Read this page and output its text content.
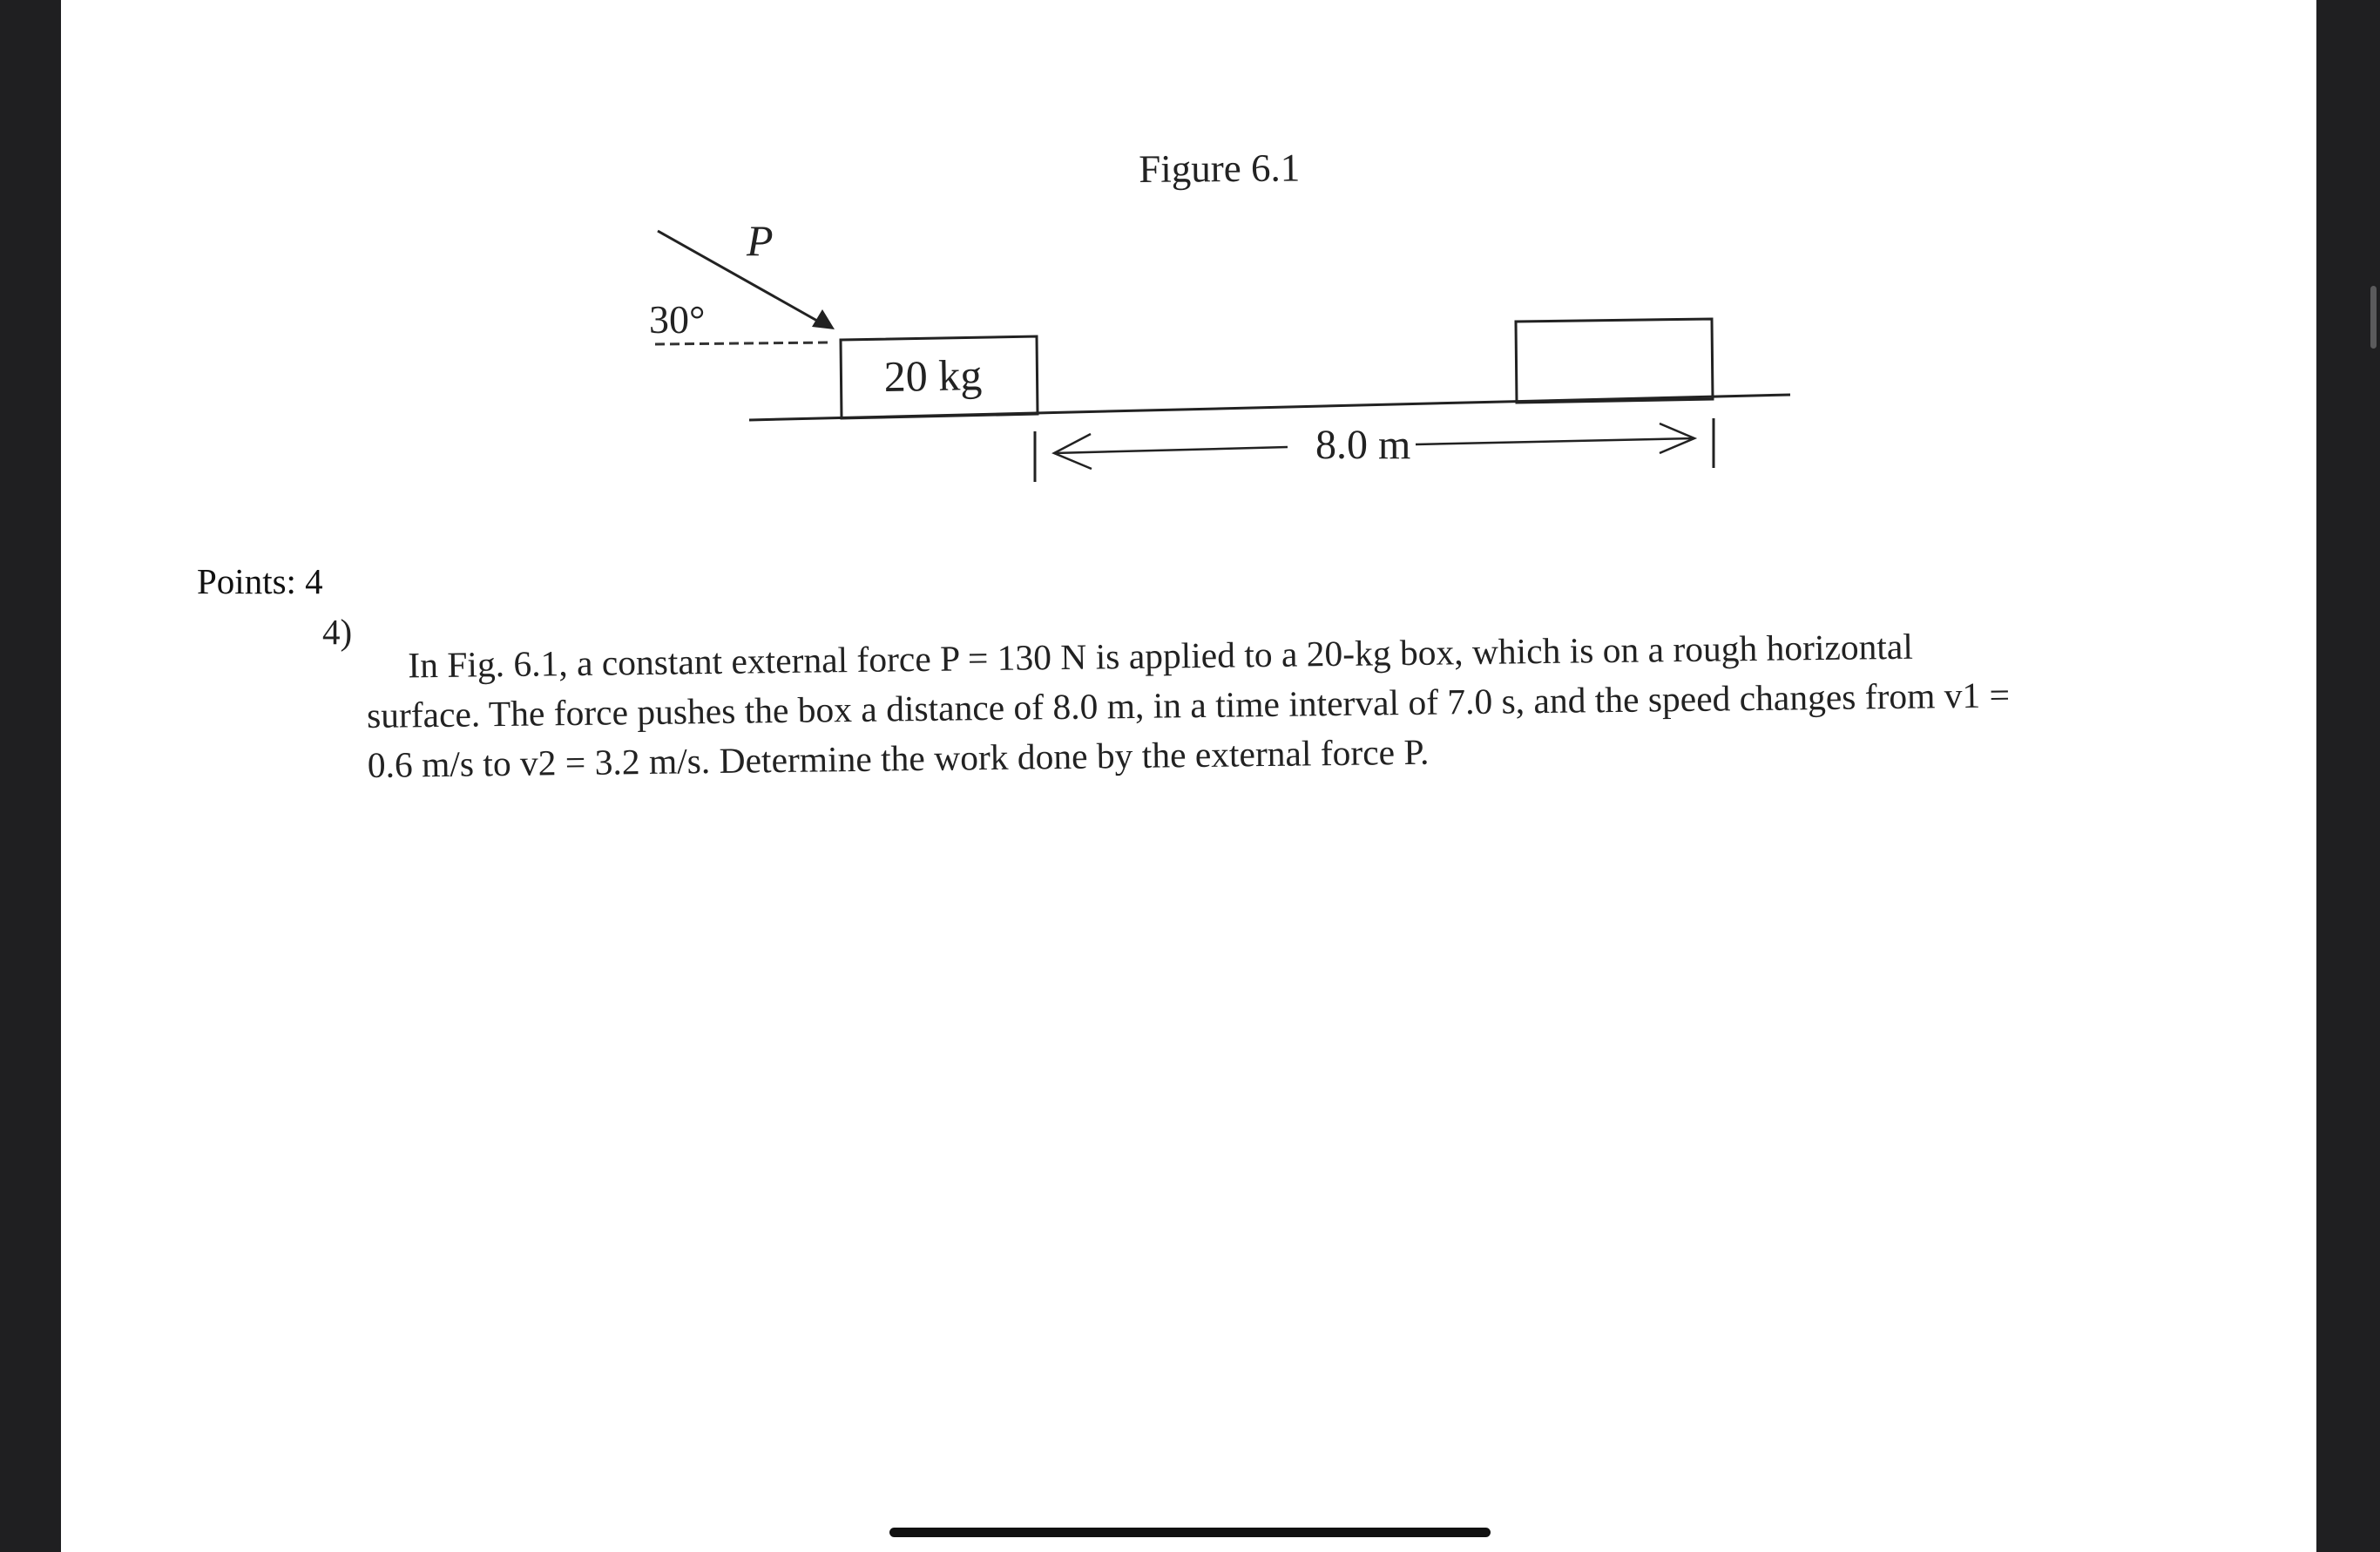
Figure 6.1
P
30°
20 kg
8.0 m
Points: 4
4)	In Fig. 6.1, a constant external force P = 130 N is applied to a 20-kg box, which is on a rough horizontal
surface. The force pushes the box a distance of 8.0 m, in a time interval of 7.0 s, and the speed changes from v1 =
0.6 m/s to v2 = 3.2 m/s. Determine the work done by the external force P.
